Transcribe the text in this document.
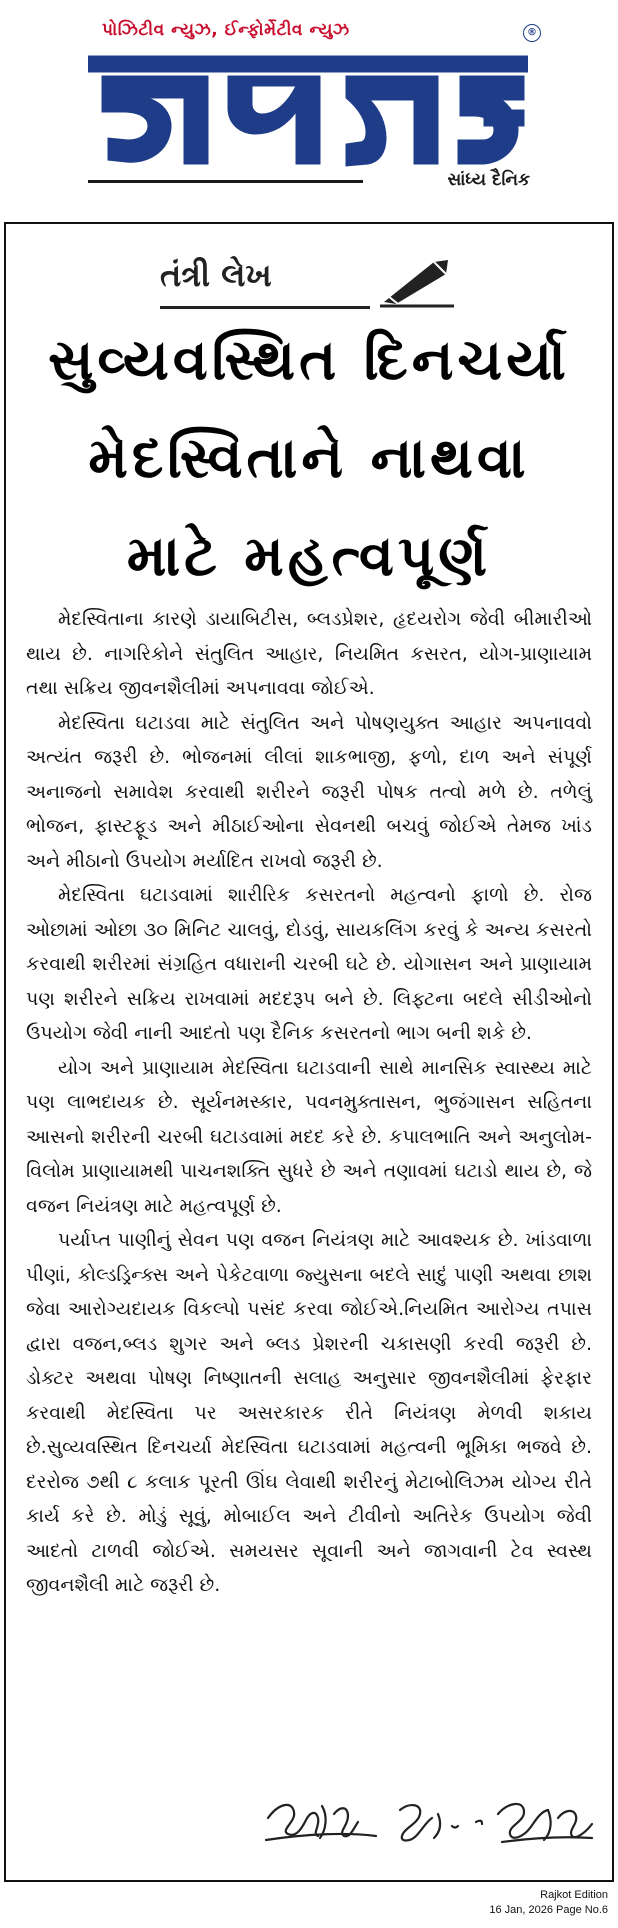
પોઝિટીવ ન્યુઝ, ઈન્ફોર્મેટીવ ન્યુઝ	®
સાંધ્ય દૈનિક
તંત્રી લેખ
સુવ્યવસ્થિત દિનચર્યા
મેદસ્વિતાને નાથવા
માટે મહત્વપૂર્ણ

મેદસ્વિતાના કારણે ડાયાબિટીસ, બ્લડપ્રેશર, હૃદયરોગ જેવી બીમારીઓ થાય છે. નાગરિકોને સંતુલિત આહાર, નિયમિત કસરત, યોગ-પ્રાણાયામ તથા સક્રિય જીવનશૈલીમાં અપનાવવા જોઈએ.

મેદસ્વિતા ઘટાડવા માટે સંતુલિત અને પોષણયુક્ત આહાર અપનાવવો અત્યંત જરૂરી છે. ભોજનમાં લીલાં શાકભાજી, ફળો, દાળ અને સંપૂર્ણ અનાજનો સમાવેશ કરવાથી શરીરને જરૂરી પોષક તત્વો મળે છે. તળેલું ભોજન, ફાસ્ટફૂડ અને મીઠાઈઓના સેવનથી બચવું જોઈએ તેમજ ખાંડ અને મીઠાનો ઉપયોગ મર્યાદિત રાખવો જરૂરી છે.

મેદસ્વિતા ઘટાડવામાં શારીરિક કસરતનો મહત્વનો ફાળો છે. રોજ ઓછામાં ઓછા ૩૦ મિનિટ ચાલવું, દોડવું, સાયકલિંગ કરવું કે અન્ય કસરતો કરવાથી શરીરમાં સંગ્રહિત વધારાની ચરબી ઘટે છે. યોગાસન અને પ્રાણાયામ પણ શરીરને સક્રિય રાખવામાં મદદરૂપ બને છે. લિફ્ટના બદલે સીડીઓનો ઉપયોગ જેવી નાની આદતો પણ દૈનિક કસરતનો ભાગ બની શકે છે.

યોગ અને પ્રાણાયામ મેદસ્વિતા ઘટાડવાની સાથે માનસિક સ્વાસ્થ્ય માટે પણ લાભદાયક છે. સૂર્યનમસ્કાર, પવનમુક્તાસન, ભુજંગાસન સહિતના આસનો શરીરની ચરબી ઘટાડવામાં મદદ કરે છે. કપાલભાતિ અને અનુલોમ-વિલોમ પ્રાણાયામથી પાચનશક્તિ સુધરે છે અને તણાવમાં ઘટાડો થાય છે, જે વજન નિયંત્રણ માટે મહત્વપૂર્ણ છે.

પર્યાપ્ત પાણીનું સેવન પણ વજન નિયંત્રણ માટે આવશ્યક છે. ખાંડવાળા પીણાં, કોલ્ડડ્રિન્ક્સ અને પેકેટવાળા જ્યુસના બદલે સાદું પાણી અથવા છાશ જેવા આરોગ્યદાયક વિકલ્પો પસંદ કરવા જોઈએ.નિયમિત આરોગ્ય તપાસ દ્વારા વજન,બ્લડ શુગર અને બ્લડ પ્રેશરની ચકાસણી કરવી જરૂરી છે. ડોક્ટર અથવા પોષણ નિષ્ણાતની સલાહ અનુસાર જીવનશૈલીમાં ફેરફાર કરવાથી મેદસ્વિતા પર અસરકારક રીતે નિયંત્રણ મેળવી શકાય છે.સુવ્યવસ્થિત દિનચર્યા મેદસ્વિતા ઘટાડવામાં મહત્વની ભૂમિકા ભજવે છે. દરરોજ ૭થી ૮ કલાક પૂરતી ઊંઘ લેવાથી શરીરનું મેટાબોલિઝમ યોગ્ય રીતે કાર્ય કરે છે. મોડું સૂવું, મોબાઈલ અને ટીવીનો અતિરેક ઉપયોગ જેવી આદતો ટાળવી જોઈએ. સમયસર સૂવાની અને જાગવાની ટેવ સ્વસ્થ જીવનશૈલી માટે જરૂરી છે.

Rajkot Edition
16 Jan, 2026 Page No.6
